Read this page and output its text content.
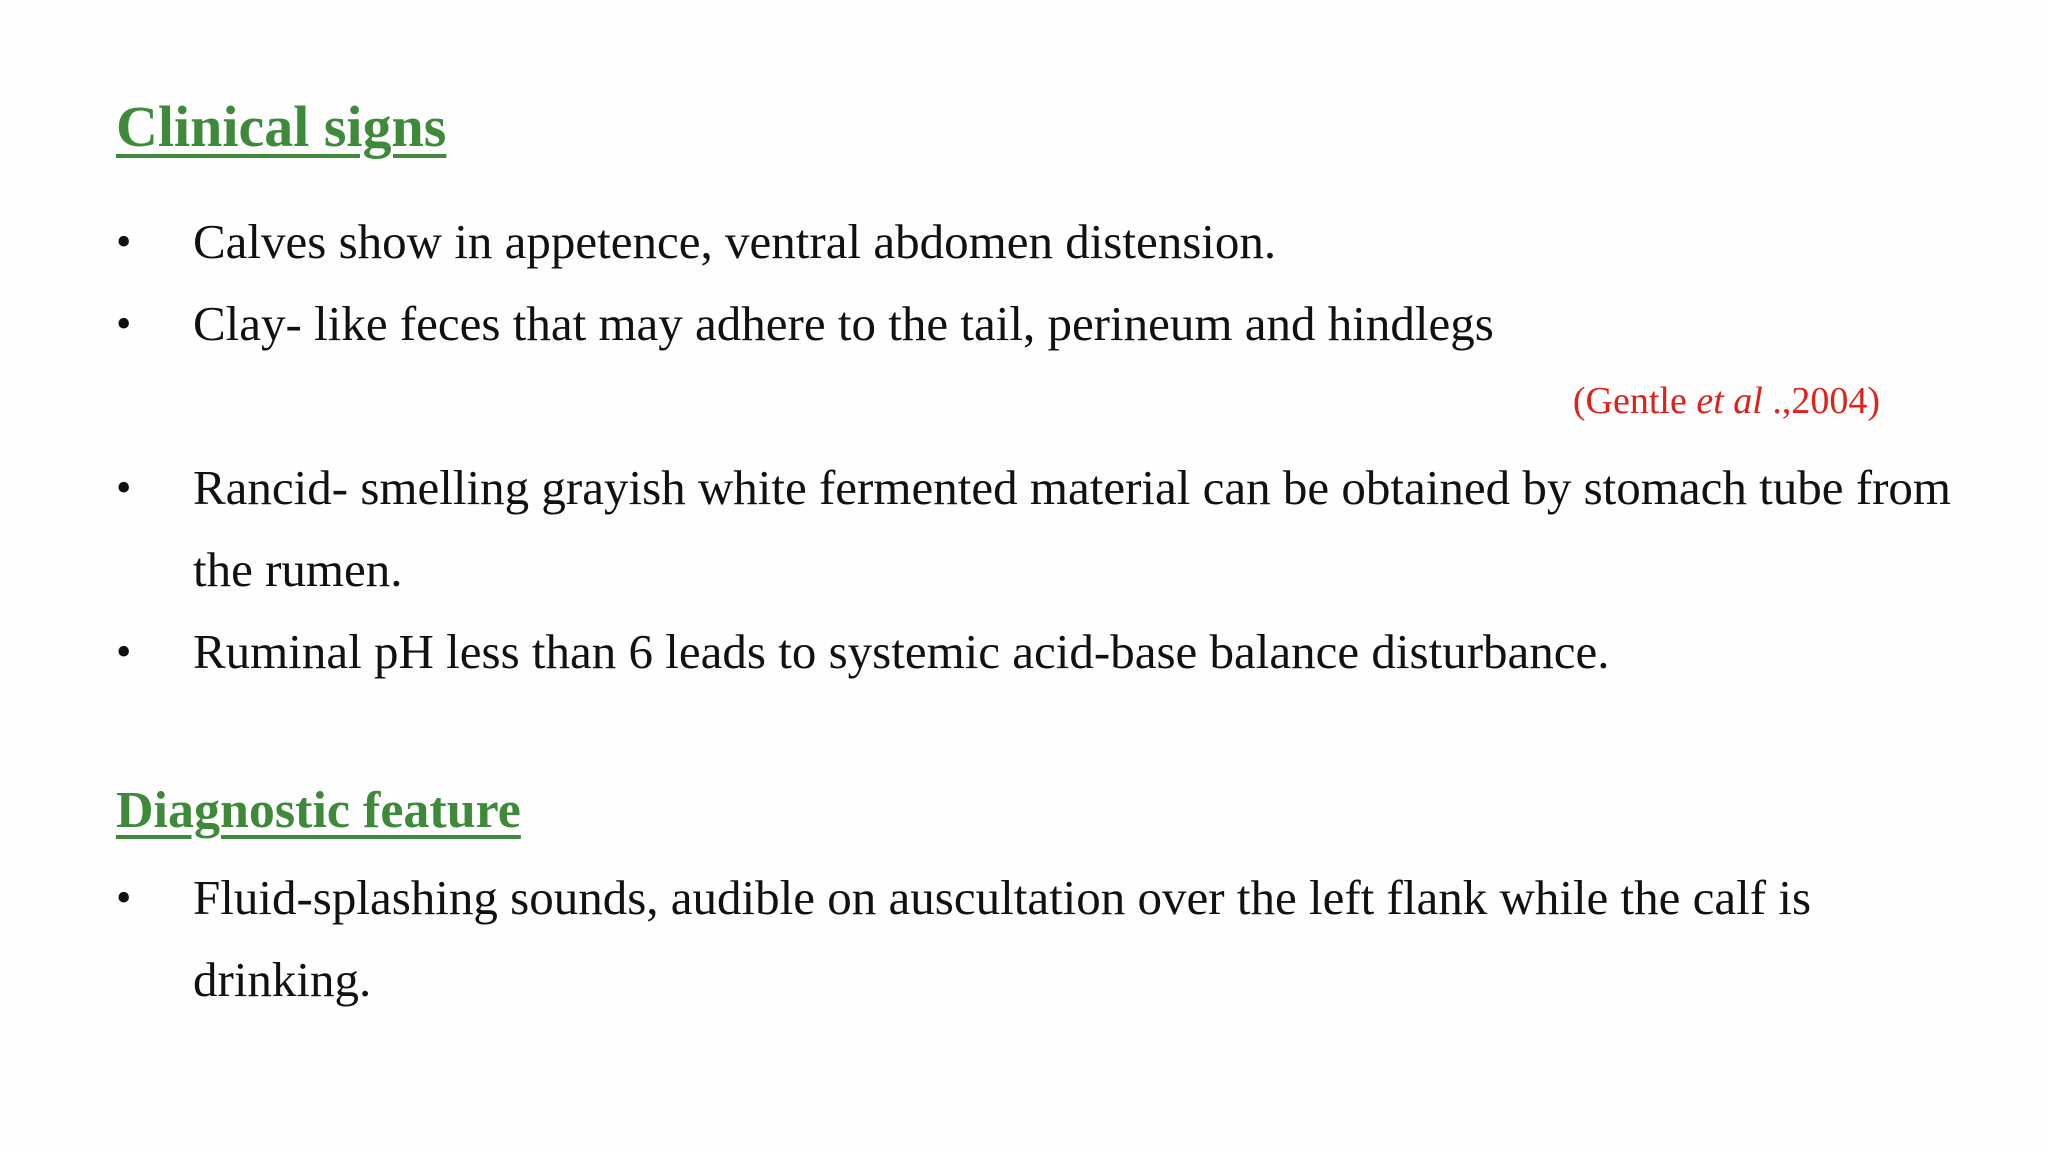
Clinical signs
•	Calves show in appetence, ventral abdomen distension.
•	Clay- like feces that may adhere to the tail, perineum and hindlegs
(Gentle et al .,2004)
•	Rancid- smelling grayish white fermented material can be obtained by stomach tube from the rumen.
•	Ruminal pH less than 6 leads to systemic acid-base balance disturbance.
Diagnostic feature
•	Fluid-splashing sounds, audible on auscultation over the left flank while the calf is drinking.
